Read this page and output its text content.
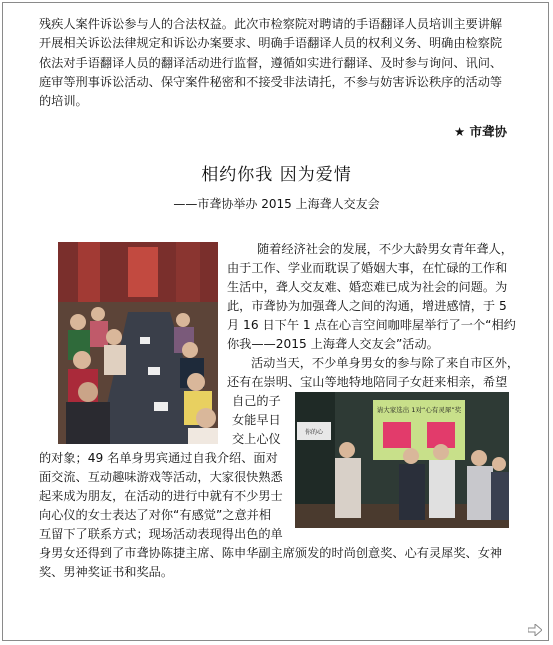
残疾人案件诉讼参与人的合法权益。此次市检察院对聘请的手语翻译人员培训主要讲解
开展相关诉讼法律规定和诉讼办案要求、明确手语翻译人员的权利义务、明确由检察院
依法对手语翻译人员的翻译活动进行监督，遵循如实进行翻译、及时参与询问、讯问、
庭审等刑事诉讼活动、保守案件秘密和不接受非法请托，不参与妨害诉讼秩序的活动等
的培训。
★ 市聋协
相约你我 因为爱情
——市聋协举办 2015 上海聋人交友会
请大家选出 1对“心有灵犀”奖
你的心
随着经济社会的发展，不少大龄男女青年聋人，
由于工作、学业而耽误了婚姻大事，在忙碌的工作和
生活中，聋人交友难、婚恋难已成为社会的问题。为
此，市聋协为加强聋人之间的沟通，增进感情，于 5
月 16 日下午 1 点在心言空间咖啡屋举行了一个“相约
你我——2015 上海聋人交友会”活动。
活动当天，不少单身男女的参与除了来自市区外，
还有在崇明、宝山等地特地陪同子女赶来相亲，希望
自己的子
女能早日
交上心仪
的对象；49 名单身男宾通过自我介绍、面对
面交流、互动趣味游戏等活动，大家很快熟悉
起来成为朋友，在活动的进行中就有不少男士
向心仪的女士表达了对你“有感觉”之意并相
互留下了联系方式；现场活动表现得出色的单
身男女还得到了市聋协陈捷主席、陈申华副主席颁发的时尚创意奖、心有灵犀奖、女神
奖、男神奖证书和奖品。
